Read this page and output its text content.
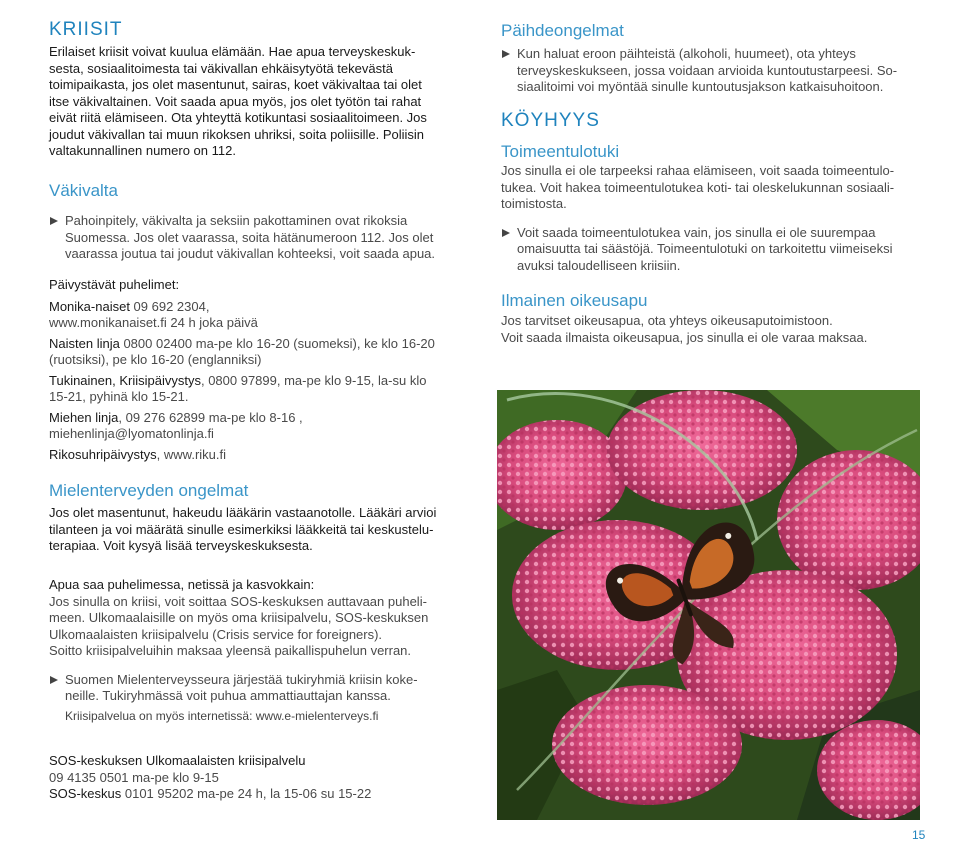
KRIISIT

Erilaiset kriisit voivat kuulua elämään. Hae apua terveyskeskuk-

sesta, sosiaalitoimesta tai väkivallan ehkäisytyötä tekevästä

toimipaikasta, jos olet masentunut, sairas, koet väkivaltaa tai olet

itse väkivaltainen. Voit saada apua myös, jos olet työtön tai rahat

eivät riitä elämiseen. Ota yhteyttä kotikuntasi sosiaalitoimeen. Jos

joudut väkivallan tai muun rikoksen uhriksi, soita poliisille. Poliisin

valtakunnallinen numero on 112.

Väkivalta

Pahoinpitely, väkivalta ja seksiin pakottaminen ovat rikoksia

Suomessa. Jos olet vaarassa, soita hätänumeroon 112. Jos olet

vaarassa joutua tai joudut väkivallan kohteeksi, voit saada apua.

Päivystävät puhelimet:

Monika-naiset 09 692 2304,

www.monikanaiset.fi 24 h joka päivä

Naisten linja 0800 02400 ma-pe klo 16-20 (suomeksi), ke klo 16-20

(ruotsiksi), pe klo 16-20 (englanniksi)

Tukinainen, Kriisipäivystys, 0800 97899, ma-pe klo 9-15, la-su klo

15-21, pyhinä klo 15-21.

Miehen linja, 09 276 62899 ma-pe klo 8-16 ,

miehenlinja@lyomatonlinja.fi

Rikosuhripäivystys, www.riku.fi

Mielenterveyden ongelmat

Jos olet masentunut, hakeudu lääkärin vastaanotolle. Lääkäri arvioi

tilanteen ja voi määrätä sinulle esimerkiksi lääkkeitä tai keskustelu-

terapiaa. Voit kysyä lisää terveyskeskuksesta.

Apua saa puhelimessa, netissä ja kasvokkain:

Jos sinulla on kriisi, voit soittaa SOS-keskuksen auttavaan puheli-

meen. Ulkomaalaisille on myös oma kriisipalvelu, SOS-keskuksen

Ulkomaalaisten kriisipalvelu (Crisis service for foreigners).

Soitto kriisipalveluihin maksaa yleensä paikallispuhelun verran.

Suomen Mielenterveysseura järjestää tukiryhmiä kriisin koke-

neille. Tukiryhmässä voit puhua ammattiauttajan kanssa.

Kriisipalvelua on myös internetissä: www.e-mielenterveys.fi

SOS-keskuksen Ulkomaalaisten kriisipalvelu

09 4135 0501 ma-pe klo 9-15

SOS-keskus 0101 95202 ma-pe 24 h, la 15-06 su 15-22

Päihdeongelmat

Kun haluat eroon päihteistä (alkoholi, huumeet), ota yhteys

terveyskeskukseen, jossa voidaan arvioida kuntoutustarpeesi. So-

siaalitoimi voi myöntää sinulle kuntoutusjakson katkaisuhoitoon.

KÖYHYYS
Toimeentulotuki

Jos sinulla ei ole tarpeeksi rahaa elämiseen, voit saada toimeentulo-

tukea. Voit hakea toimeentulotukea koti- tai oleskelukunnan sosiaali-

toimistosta.

Voit saada toimeentulotukea vain, jos sinulla ei ole suurempaa

omaisuutta tai säästöjä. Toimeentulotuki on tarkoitettu viimeiseksi

avuksi taloudelliseen kriisiin.

Ilmainen oikeusapu

Jos tarvitset oikeusapua, ota yhteys oikeusaputoimistoon.

Voit saada ilmaista oikeusapua, jos sinulla ei ole varaa maksaa.

15
